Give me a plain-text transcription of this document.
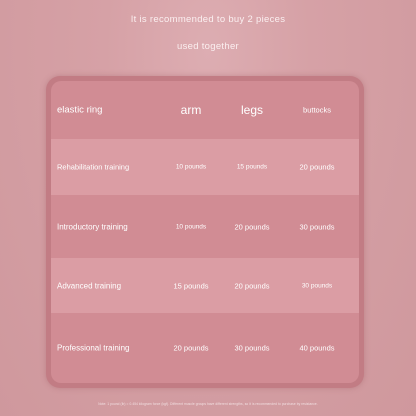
It is recommended to buy 2 pieces
used together
elastic ring	arm	legs	buttocks
Rehabilitation training	10 pounds	15 pounds	20 pounds
Introductory training	10 pounds	20 pounds	30 pounds
Advanced training	15 pounds	20 pounds	30 pounds
Professional training	20 pounds	30 pounds	40 pounds
Note: 1 pound (lb) = 0.454 kilogram force (kgf). Different muscle groups have different strengths, so it is recommended to purchase by resistance.
